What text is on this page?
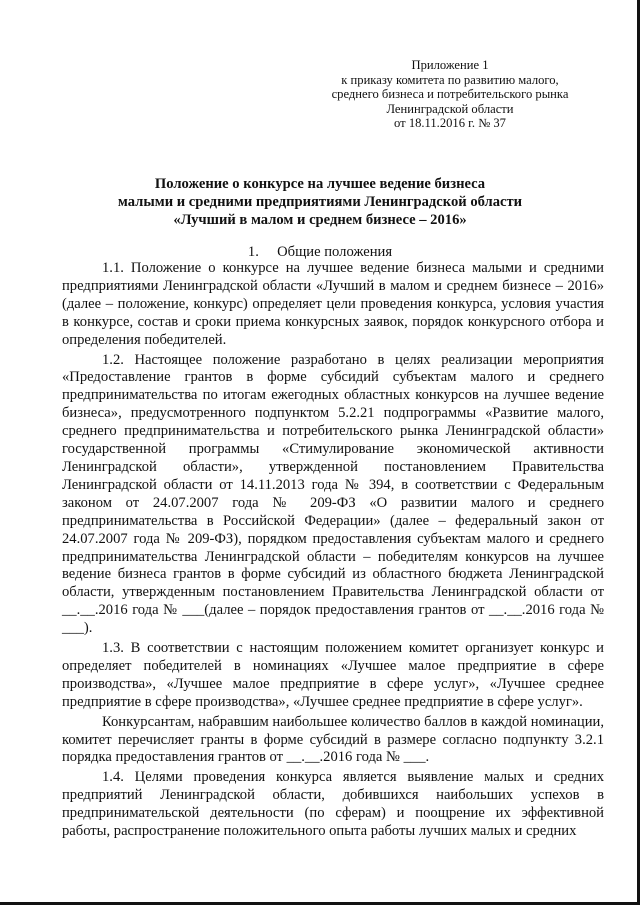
Приложение 1
к приказу комитета по развитию малого,
среднего бизнеса и потребительского рынка
Ленинградской области
от 18.11.2016 г. № 37
Положение о конкурсе на лучшее ведение бизнеса
малыми и средними предприятиями Ленинградской области
«Лучший в малом и среднем бизнесе – 2016»
1. Общие положения

1.1. Положение о конкурсе на лучшее ведение бизнеса малыми и средними предприятиями Ленинградской области «Лучший в малом и среднем бизнесе – 2016» (далее – положение, конкурс) определяет цели проведения конкурса, условия участия в конкурсе, состав и сроки приема конкурсных заявок, порядок конкурсного отбора и определения победителей.

1.2. Настоящее положение разработано в целях реализации мероприятия «Предоставление грантов в форме субсидий субъектам малого и среднего предпринимательства по итогам ежегодных областных конкурсов на лучшее ведение бизнеса», предусмотренного подпунктом 5.2.21 подпрограммы «Развитие малого, среднего предпринимательства и потребительского рынка Ленинградской области» государственной программы «Стимулирование экономической активности Ленинградской области», утвержденной постановлением Правительства Ленинградской области от 14.11.2013 года № 394, в соответствии с Федеральным законом от 24.07.2007 года № 209-ФЗ «О развитии малого и среднего предпринимательства в Российской Федерации» (далее – федеральный закон от 24.07.2007 года № 209-ФЗ), порядком предоставления субъектам малого и среднего предпринимательства Ленинградской области – победителям конкурсов на лучшее ведение бизнеса грантов в форме субсидий из областного бюджета Ленинградской области, утвержденным постановлением Правительства Ленинградской области от __.__.2016 года № ___(далее – порядок предоставления грантов от __.__.2016 года № ___).

1.3. В соответствии с настоящим положением комитет организует конкурс и определяет победителей в номинациях «Лучшее малое предприятие в сфере производства», «Лучшее малое предприятие в сфере услуг», «Лучшее среднее предприятие в сфере производства», «Лучшее среднее предприятие в сфере услуг».

Конкурсантам, набравшим наибольшее количество баллов в каждой номинации, комитет перечисляет гранты в форме субсидий в размере согласно подпункту 3.2.1 порядка предоставления грантов от __.__.2016 года № ___.

1.4. Целями проведения конкурса является выявление малых и средних предприятий Ленинградской области, добившихся наибольших успехов в предпринимательской деятельности (по сферам) и поощрение их эффективной работы, распространение положительного опыта работы лучших малых и средних
